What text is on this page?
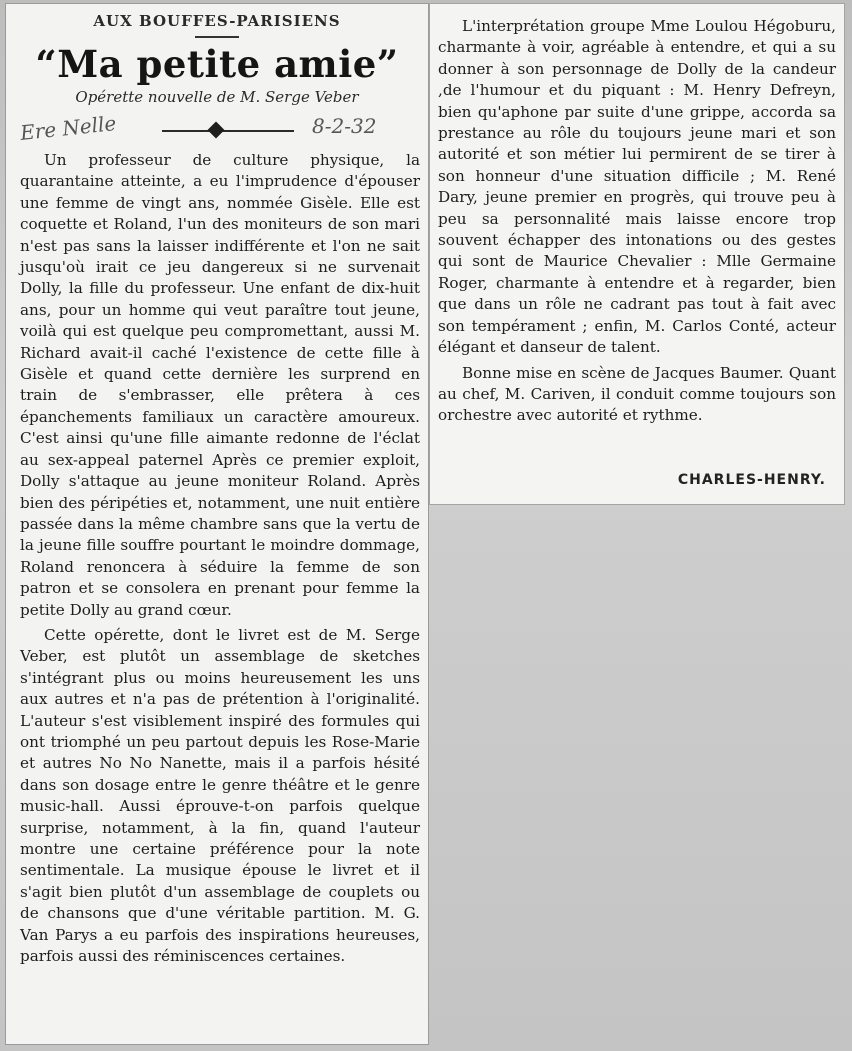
AUX BOUFFES-PARISIENS
“Ma petite amie”
Opérette nouvelle de M. Serge Veber
Ere Nelle	8-2-32

Un professeur de culture physique, la quarantaine atteinte, a eu l'imprudence d'épouser une femme de vingt ans, nommée Gisèle. Elle est coquette et Roland, l'un des moniteurs de son mari n'est pas sans la laisser indifférente et l'on ne sait jusqu'où irait ce jeu dangereux si ne survenait Dolly, la fille du professeur. Une enfant de dix-huit ans, pour un homme qui veut paraître tout jeune, voilà qui est quelque peu compromettant, aussi M. Richard avait-il caché l'existence de cette fille à Gisèle et quand cette dernière les surprend en train de s'embrasser, elle prêtera à ces épanchements familiaux un caractère amoureux. C'est ainsi qu'une fille aimante redonne de l'éclat au sex-appeal paternel Après ce premier exploit, Dolly s'attaque au jeune moniteur Roland. Après bien des péripéties et, notamment, une nuit entière passée dans la même chambre sans que la vertu de la jeune fille souffre pourtant le moindre dommage, Roland renoncera à séduire la femme de son patron et se consolera en prenant pour femme la petite Dolly au grand cœur.

Cette opérette, dont le livret est de M. Serge Veber, est plutôt un assemblage de sketches s'intégrant plus ou moins heureusement les uns aux autres et n'a pas de prétention à l'originalité. L'auteur s'est visiblement inspiré des formules qui ont triomphé un peu partout depuis les Rose-Marie et autres No No Nanette, mais il a parfois hésité dans son dosage entre le genre théâtre et le genre music-hall. Aussi éprouve-t-on parfois quelque surprise, notamment, à la fin, quand l'auteur montre une certaine préférence pour la note sentimentale. La musique épouse le livret et il s'agit bien plutôt d'un assemblage de couplets ou de chansons que d'une véritable partition. M. G. Van Parys a eu parfois des inspirations heureuses, parfois aussi des réminiscences certaines.

L'interprétation groupe Mme Loulou Hégoburu, charmante à voir, agréable à entendre, et qui a su donner à son personnage de Dolly de la candeur ,de l'humour et du piquant : M. Henry Defreyn, bien qu'aphone par suite d'une grippe, accorda sa prestance au rôle du toujours jeune mari et son autorité et son métier lui permirent de se tirer à son honneur d'une situation difficile ; M. René Dary, jeune premier en progrès, qui trouve peu à peu sa personnalité mais laisse encore trop souvent échapper des intonations ou des gestes qui sont de Maurice Chevalier : Mlle Germaine Roger, charmante à entendre et à regarder, bien que dans un rôle ne cadrant pas tout à fait avec son tempérament ; enfin, M. Carlos Conté, acteur élégant et danseur de talent.

Bonne mise en scène de Jacques Baumer. Quant au chef, M. Cariven, il conduit comme toujours son orchestre avec autorité et rythme.

CHARLES-HENRY.
